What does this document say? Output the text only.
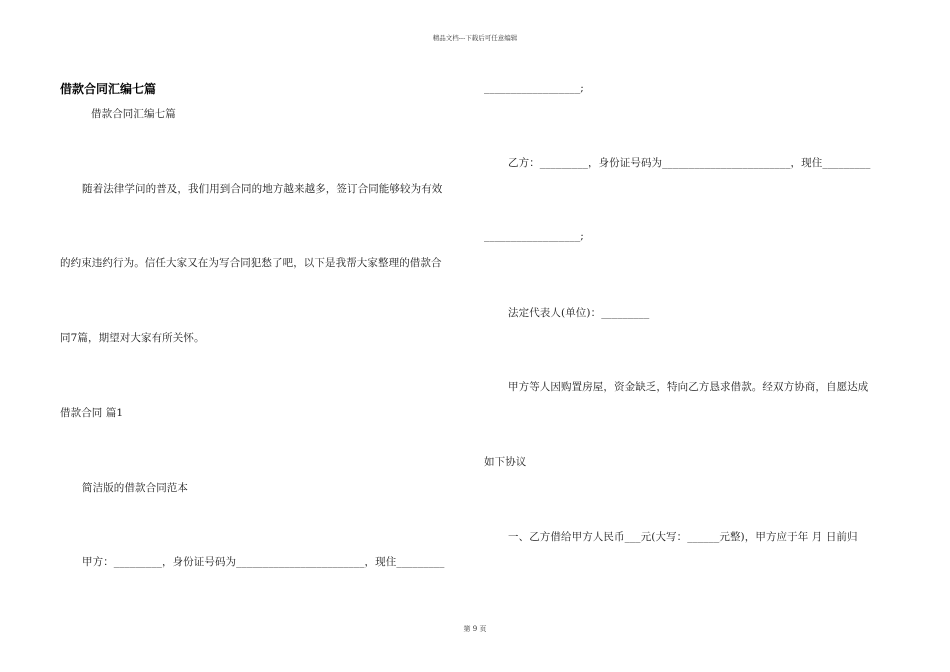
精品文档---下载后可任意编辑
借款合同汇编七篇
借款合同汇编七篇
随着法律学问的普及，我们用到合同的地方越来越多，签订合同能够较为有效
的约束违约行为。信任大家又在为写合同犯愁了吧，以下是我帮大家整理的借款合
同7篇，期望对大家有所关怀。
借款合同 篇1
简洁版的借款合同范本
甲方：_________，身份证号码为________________________，现住_________
__________________;
乙方：_________，身份证号码为________________________，现住_________
__________________;
法定代表人(单位)：_________
甲方等人因购置房屋，资金缺乏，特向乙方恳求借款。经双方协商，自愿达成
如下协议
一、乙方借给甲方人民币___元(大写：______元整)，甲方应于年 月 日前归
第 9 页
